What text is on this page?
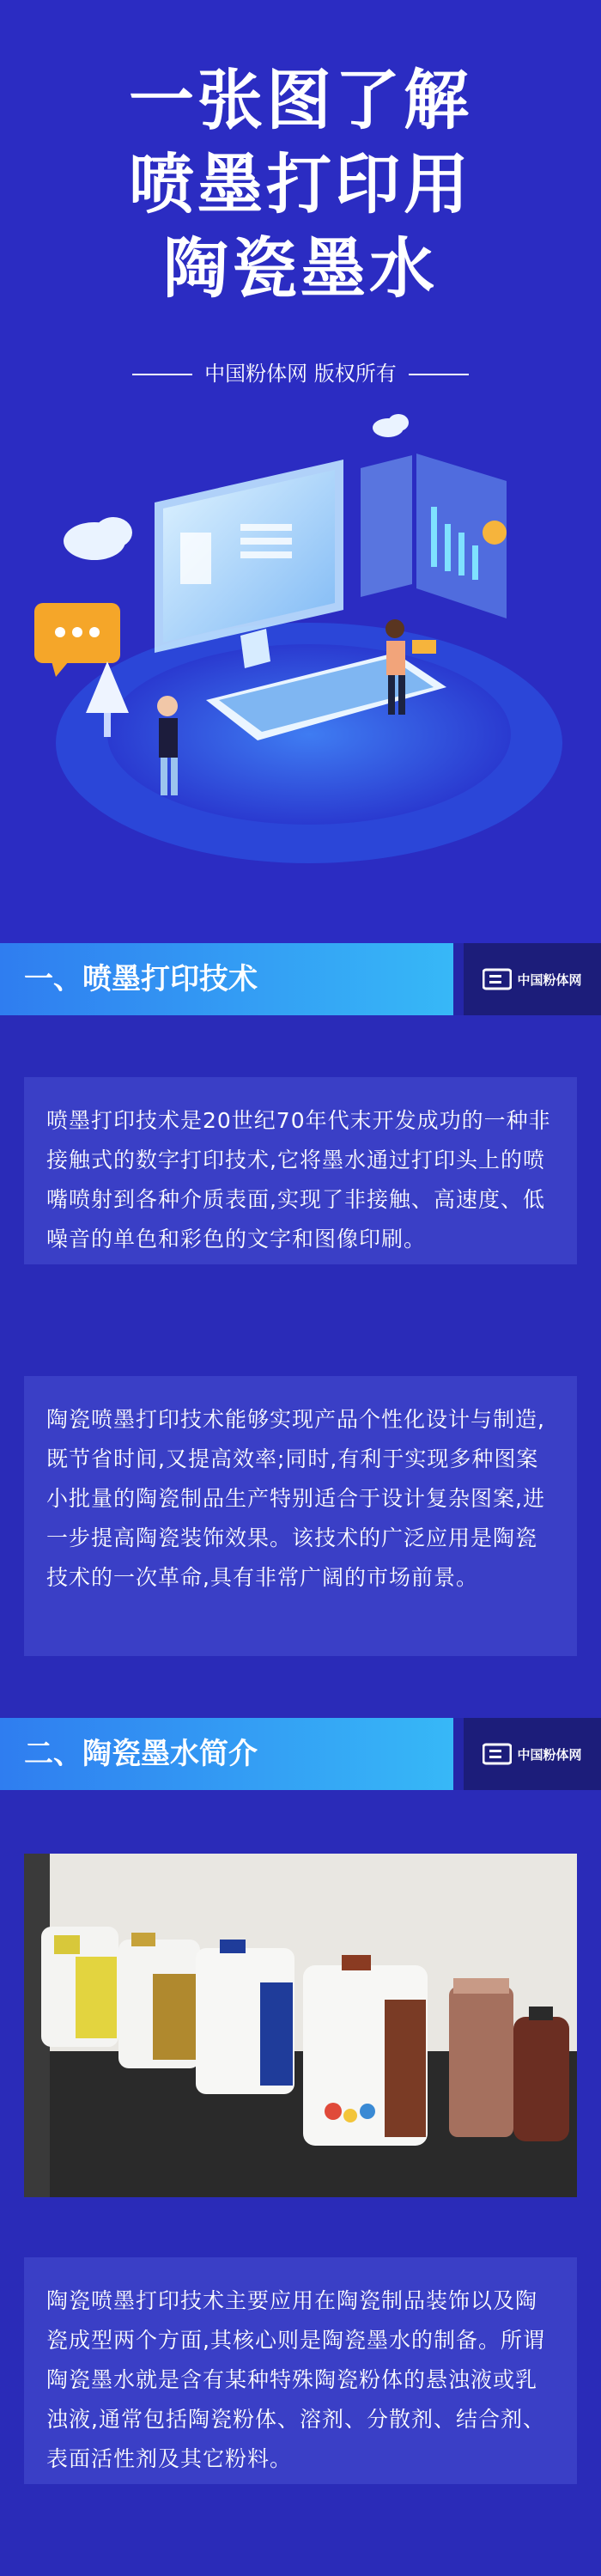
一张图了解
喷墨打印用
陶瓷墨水
中国粉体网 版权所有
一、喷墨打印技术	中国粉体网
喷墨打印技术是20世纪70年代末开发成功的一种非接触式的数字打印技术,它将墨水通过打印头上的喷嘴喷射到各种介质表面,实现了非接触、高速度、低噪音的单色和彩色的文字和图像印刷。
陶瓷喷墨打印技术能够实现产品个性化设计与制造,既节省时间,又提高效率;同时,有利于实现多种图案小批量的陶瓷制品生产特别适合于设计复杂图案,进一步提高陶瓷装饰效果。该技术的广泛应用是陶瓷技术的一次革命,具有非常广阔的市场前景。
二、陶瓷墨水简介	中国粉体网
陶瓷喷墨打印技术主要应用在陶瓷制品装饰以及陶瓷成型两个方面,其核心则是陶瓷墨水的制备。所谓陶瓷墨水就是含有某种特殊陶瓷粉体的悬浊液或乳浊液,通常包括陶瓷粉体、溶剂、分散剂、结合剂、表面活性剂及其它粉料。
